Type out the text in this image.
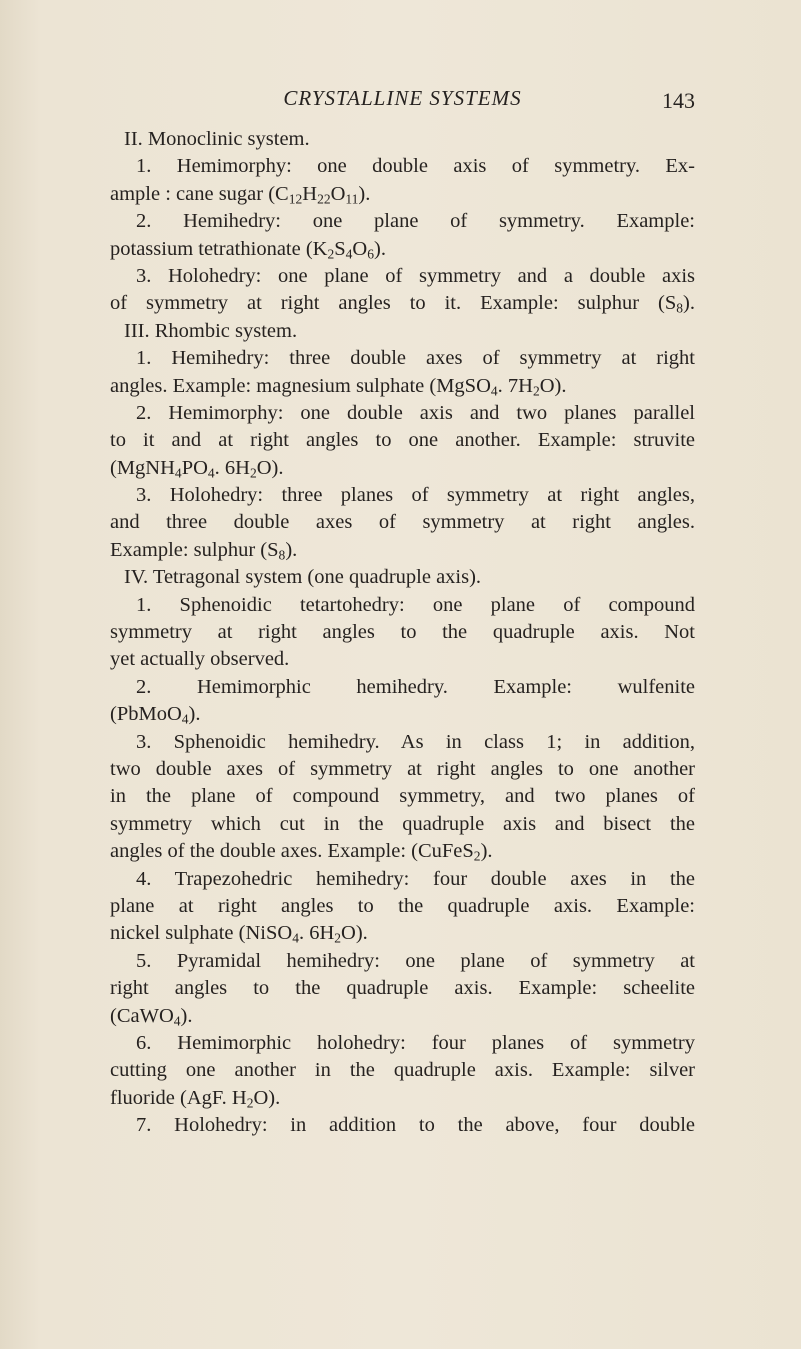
CRYSTALLINE SYSTEMS	143
II. Monoclinic system.
1. Hemimorphy: one double axis of symmetry. Ex-
ample : cane sugar $(C_{12}H_{22}O_{11})$.
2. Hemihedry: one plane of symmetry. Example:
potassium tetrathionate $(K_2S_4O_6)$.
3. Holohedry: one plane of symmetry and a double axis
of symmetry at right angles to it. Example: sulphur $(S_8)$.
III. Rhombic system.
1. Hemihedry: three double axes of symmetry at right
angles. Example: magnesium sulphate (MgSO$_4$. $7H_2O$).
2. Hemimorphy: one double axis and two planes parallel
to it and at right angles to one another. Example: struvite
($MgNH_4PO_4$. $6H_2O$).
3. Holohedry: three planes of symmetry at right angles,
and three double axes of symmetry at right angles.
Example: sulphur $(S_8)$.
IV. Tetragonal system (one quadruple axis).
1. Sphenoidic tetartohedry: one plane of compound
symmetry at right angles to the quadruple axis. Not
yet actually observed.
2. Hemimorphic hemihedry. Example: wulfenite
(PbMoO$_4$).
3. Sphenoidic hemihedry. As in class 1; in addition,
two double axes of symmetry at right angles to one another
in the plane of compound symmetry, and two planes of
symmetry which cut in the quadruple axis and bisect the
angles of the double axes. Example: (CuFeS$_2$).
4. Trapezohedric hemihedry: four double axes in the
plane at right angles to the quadruple axis. Example:
nickel sulphate (NiSO$_4$. $6H_2O$).
5. Pyramidal hemihedry: one plane of symmetry at
right angles to the quadruple axis. Example: scheelite
(CaWO$_4$).
6. Hemimorphic holohedry: four planes of symmetry
cutting one another in the quadruple axis. Example: silver
fluoride (AgF. $H_2O$).
7. Holohedry: in addition to the above, four double
